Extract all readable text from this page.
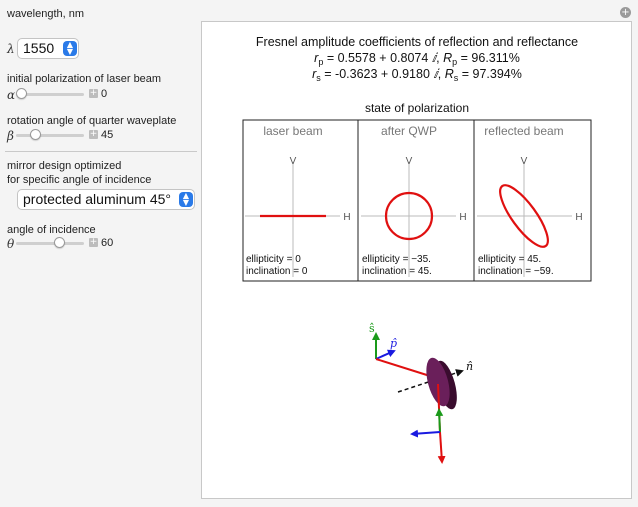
wavelength, nm
λ 1550	▲
▼
initial polarization of laser beam
α	+ 0
rotation angle of quarter waveplate
β	+ 45
mirror design optimized
for specific angle of incidence
protected aluminum 45°	▲
▼
angle of incidence
θ	+ 60
+
Fresnel amplitude coefficients of reflection and reflectance
$r_p = 0.5578 + 0.8074$ ⅈ, $R_p = 96.311\%$
$r_s = -0.3623 + 0.9180$ ⅈ, $R_s = 97.394\%$
state of polarization
laser beam
V
H
ellipticity = 0
inclination = 0
after QWP
V
H
ellipticity = −35.
inclination = 45.
reflected beam
V
H
ellipticity = 45.
inclination = −59.
ŝ
p̂
n̂
